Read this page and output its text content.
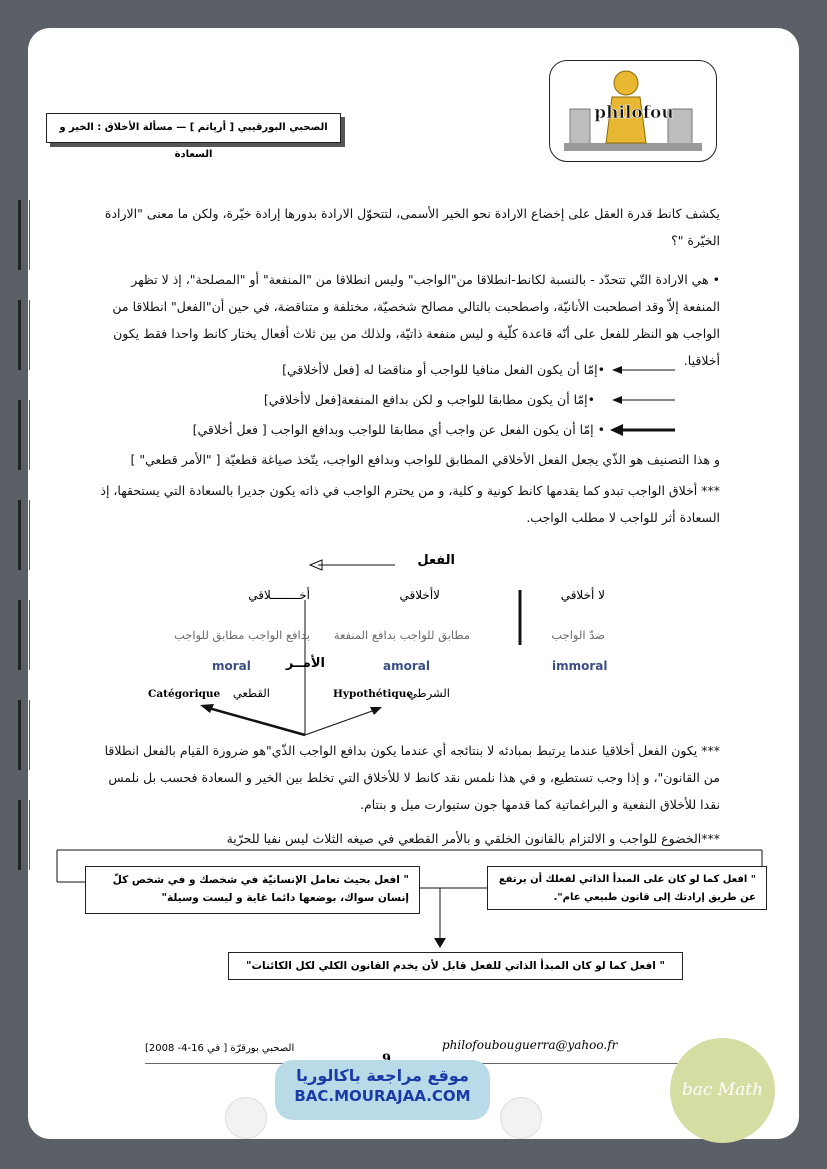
philofou
الصحبي البورقيبي [ أرپاتم ] — مسألة الأخلاق : الخير و السعادة
يكشف كانط قدرة العقل على إخضاع الارادة نحو الخير الأسمى، لتتحوّل الارادة بدورها إرادة خيّرة، ولكن ما معنى "الارادة الخيّرة "؟
• هي الارادة التّي تتحدّد - بالنسبة لكانط-انطلاقا من"الواجب" وليس انطلاقا من "المنفعة" أو "المصلحة"، إذ لا تظهر المنفعة إلاّ وقد اصطحبت الأنانيّة، واصطحبت بالتالي مصالح شخصيّة، مختلفة و متناقضة، في حين أن"الفعل" انطلاقا من الواجب هو النظر للفعل على أنّه قاعدة كلّية و ليس منفعة ذاتيّة، ولذلك من بين ثلاث أفعال يختار كانط واحدا فقط يكون أخلاقيا.
•إمّا أن يكون الفعل منافيا للواجب أو مناقضا له [فعل لاأخلاقي]
•إمّا أن يكون مطابقا للواجب و لكن بدافع المنفعة[فعل لاأخلاقي]
• إمّا أن يكون الفعل عن واجب أي مطابقا للواجب وبدافع الواجب [ فعل أخلاقي]
و هذا التصنيف هو الذّي يجعل الفعل الأخلاقي المطابق للواجب وبدافع الواجب، يتّخذ صياغة قطعيّة [ "الأمر قطعي" ]
*** أخلاق الواجب تبدو كما يقدمها كانط كونية و كلية، و من يحترم الواجب في ذاته يكون جديرا بالسعادة التي يستحقها، إذ السعادة أثر للواجب لا مطلب الواجب.
الفعل
أخــــــــلاقي	لاأخلاقي	لا أخلاقي
بدافع الواجب مطابق للواجب	مطابق للواجب بدافع المنفعة	ضدّ الواجب
moral	amoral	immoral
الأمــر
Catégorique	القطعي	Hypothétique
الشرطي
*** يكون الفعل أخلاقيا عندما يرتبط بمبادئه لا بنتائجه أي عندما يكون بدافع الواجب الذّي"هو ضرورة القيام بالفعل انطلاقا من القانون"، و إذا وجب تستطيع، و في هذا نلمس نقد كانط لا للأخلاق التي تخلط بين الخير و السعادة فحسب بل نلمس نقدا للأخلاق النفعية و البراغماتية كما قدمها جون ستيوارت ميل و بنتام.
***الخضوع للواجب و الالتزام بالقانون الخلقي و بالأمر القطعي في صيغه الثلاث ليس نفيا للحرّية
" افعل بحيث تعامل الإنسانيّة في شخصك و في شخص كلّ إنسان سواك، بوضعها دائما غاية و ليست وسيلة"
" افعل كما لو كان على المبدأ الذاتي لفعلك أن يرتفع عن طريق إرادتك إلى قانون طبيعي عام".
" افعل كما لو كان المبدأ الذاتي للفعل قابل لأن يخدم القانون الكلي لكل الكائنات"
الصحبي بورقرّة [ في 16-4- 2008]	philofoubouguerra@yahoo.fr
موقع مراجعة باكالوريا
BAC.MOURAJAA.COM	bac Math
